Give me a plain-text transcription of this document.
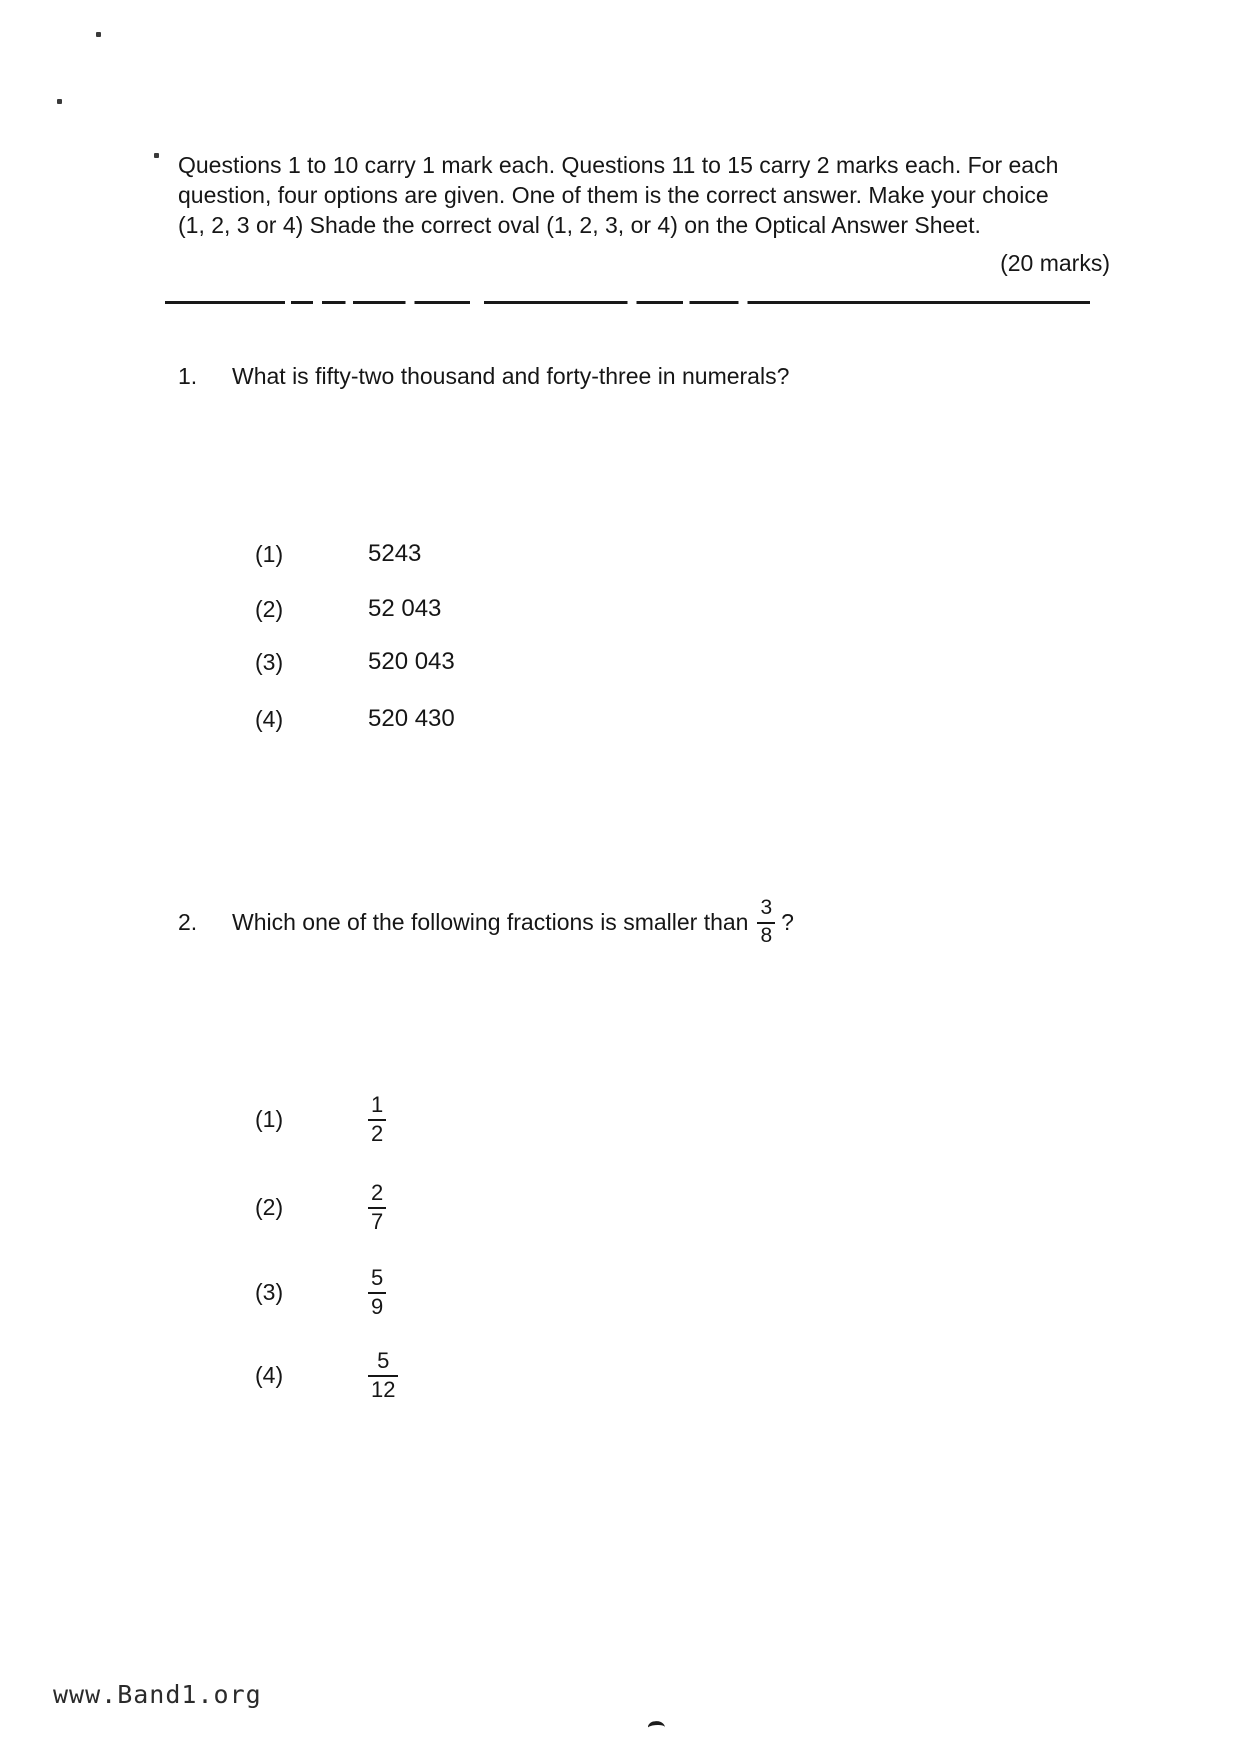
Questions 1 to 10 carry 1 mark each. Questions 11 to 15 carry 2 marks each. For each
question, four options are given. One of them is the correct answer. Make your choice
(1, 2, 3 or 4) Shade the correct oval (1, 2, 3, or 4) on the Optical Answer Sheet.
(20 marks)
1.	What is fifty-two thousand and forty-three in numerals?
(1)	5243
(2)	52 043
(3)	520 043
(4)	520 430
2.	Which one of the following fractions is smaller than $\frac{3}{8}$ ?
(1)	$\frac{1}{2}$
(2)	$\frac{2}{7}$
(3)	$\frac{5}{9}$
(4)	$\frac{5}{12}$
www.Band1.org
